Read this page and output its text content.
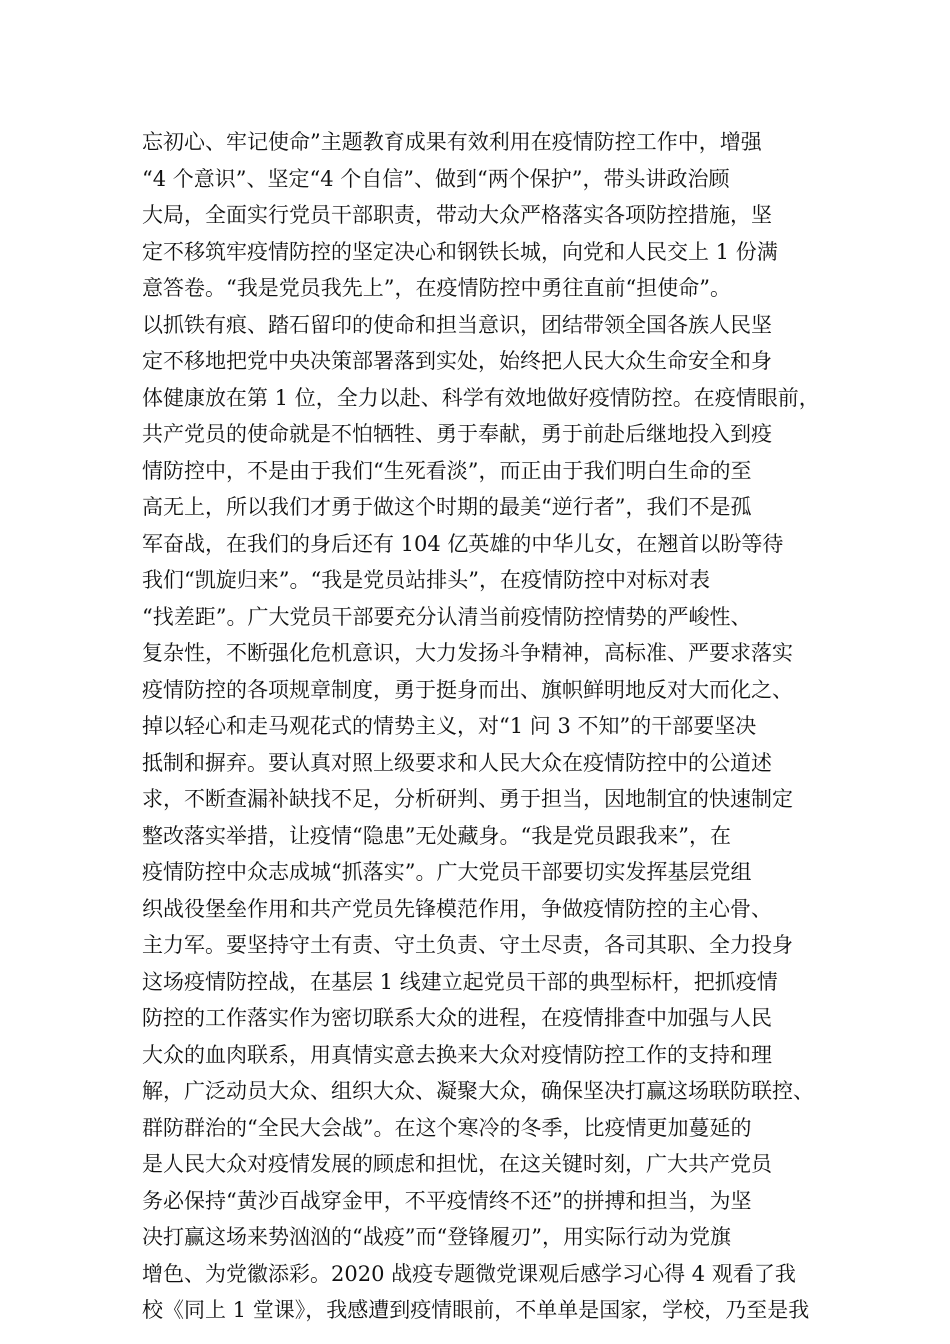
忘初心、牢记使命”主题教育成果有效利用在疫情防控工作中，增强
“4 个意识”、坚定“4 个自信”、做到“两个保护”，带头讲政治顾
大局，全面实行党员干部职责，带动大众严格落实各项防控措施，坚
定不移筑牢疫情防控的坚定决心和钢铁长城，向党和人民交上 1 份满
意答卷。“我是党员我先上”，在疫情防控中勇往直前“担使命”。
以抓铁有痕、踏石留印的使命和担当意识，团结带领全国各族人民坚
定不移地把党中央决策部署落到实处，始终把人民大众生命安全和身
体健康放在第 1 位，全力以赴、科学有效地做好疫情防控。在疫情眼前，
共产党员的使命就是不怕牺牲、勇于奉献，勇于前赴后继地投入到疫
情防控中，不是由于我们“生死看淡”，而正由于我们明白生命的至
高无上，所以我们才勇于做这个时期的最美“逆行者”，我们不是孤
军奋战，在我们的身后还有 104 亿英雄的中华儿女，在翘首以盼等待
我们“凯旋归来”。“我是党员站排头”，在疫情防控中对标对表
“找差距”。广大党员干部要充分认清当前疫情防控情势的严峻性、
复杂性，不断强化危机意识，大力发扬斗争精神，高标准、严要求落实
疫情防控的各项规章制度，勇于挺身而出、旗帜鲜明地反对大而化之、
掉以轻心和走马观花式的情势主义，对“1 问 3 不知”的干部要坚决
抵制和摒弃。要认真对照上级要求和人民大众在疫情防控中的公道述
求，不断查漏补缺找不足，分析研判、勇于担当，因地制宜的快速制定
整改落实举措，让疫情“隐患”无处藏身。“我是党员跟我来”，在
疫情防控中众志成城“抓落实”。广大党员干部要切实发挥基层党组
织战役堡垒作用和共产党员先锋模范作用，争做疫情防控的主心骨、
主力军。要坚持守土有责、守土负责、守土尽责，各司其职、全力投身
这场疫情防控战，在基层 1 线建立起党员干部的典型标杆，把抓疫情
防控的工作落实作为密切联系大众的进程，在疫情排查中加强与人民
大众的血肉联系，用真情实意去换来大众对疫情防控工作的支持和理
解，广泛动员大众、组织大众、凝聚大众，确保坚决打赢这场联防联控、
群防群治的“全民大会战”。在这个寒冷的冬季，比疫情更加蔓延的
是人民大众对疫情发展的顾虑和担忧，在这关键时刻，广大共产党员
务必保持“黄沙百战穿金甲，不平疫情终不还”的拼搏和担当，为坚
决打赢这场来势汹汹的“战疫”而“登锋履刃”，用实际行动为党旗
增色、为党徽添彩。2020 战疫专题微党课观后感学习心得 4 观看了我
校《同上 1 堂课》，我感遭到疫情眼前，不单单是国家，学校，乃至是我
